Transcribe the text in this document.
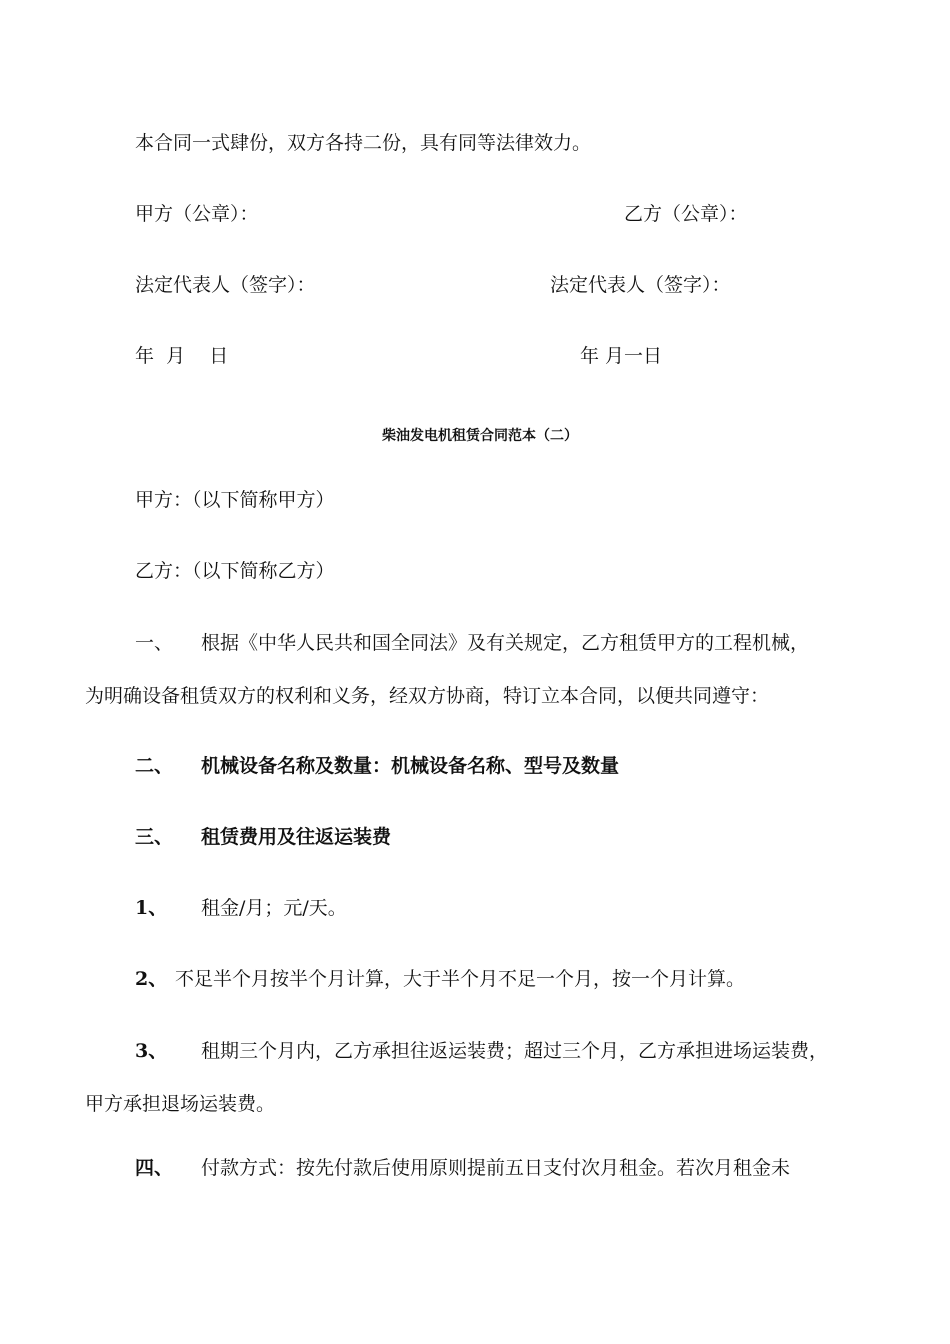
本合同一式肆份，双方各持二份，具有同等法律效力。
甲方（公章）：	乙方（公章）：
法定代表人（签字）：	法定代表人（签字）：
年  月    日	年 月一日
柴油发电机租赁合同范本（二）
甲方：（以下简称甲方）
乙方：（以下简称乙方）
一、 根据《中华人民共和国全同法》及有关规定，乙方租赁甲方的工程机械，
为明确设备租赁双方的权利和义务，经双方协商，特订立本合同，以便共同遵守：
二、 机械设备名称及数量：机械设备名称、型号及数量
三、 租赁费用及往返运装费
1、 租金/月；元/天。
2、 不足半个月按半个月计算，大于半个月不足一个月，按一个月计算。
3、 租期三个月内，乙方承担往返运装费；超过三个月，乙方承担进场运装费，
甲方承担退场运装费。
四、 付款方式：按先付款后使用原则提前五日支付次月租金。若次月租金未
